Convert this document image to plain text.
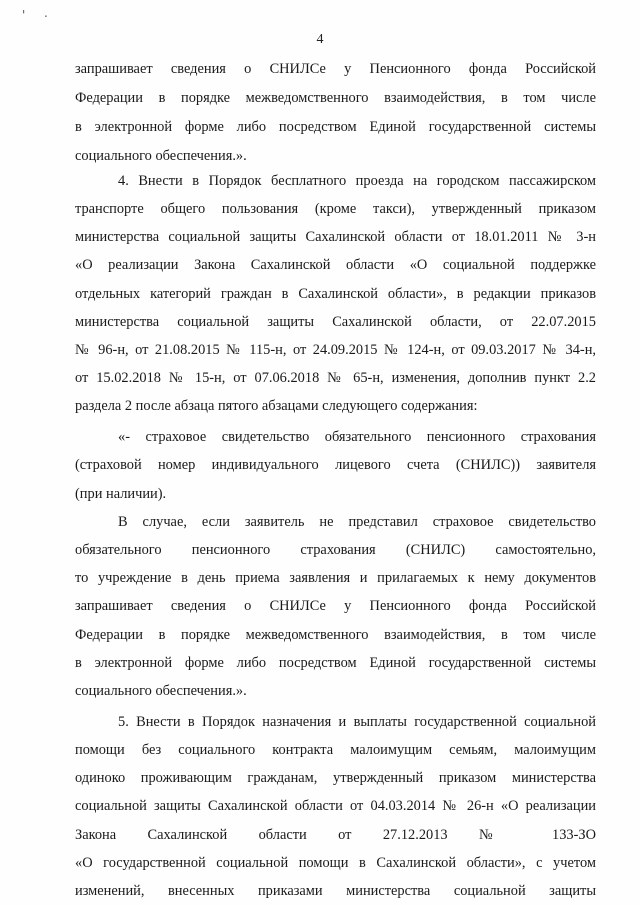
' .
4
запрашивает сведения о СНИЛСе у Пенсионного фонда Российской
Федерации в порядке межведомственного взаимодействия, в том числе
в электронной форме либо посредством Единой государственной системы
социального обеспечения.».
4. Внести в Порядок бесплатного проезда на городском пассажирском
транспорте общего пользования (кроме такси), утвержденный приказом
министерства социальной защиты Сахалинской области от 18.01.2011 № 3-н
«О реализации Закона Сахалинской области «О социальной поддержке
отдельных категорий граждан в Сахалинской области», в редакции приказов
министерства социальной защиты Сахалинской области, от 22.07.2015
№ 96-н, от 21.08.2015 № 115-н, от 24.09.2015 № 124-н, от 09.03.2017 № 34-н,
от 15.02.2018 № 15-н, от 07.06.2018 № 65-н, изменения, дополнив пункт 2.2
раздела 2 после абзаца пятого абзацами следующего содержания:
«- страховое свидетельство обязательного пенсионного страхования
(страховой номер индивидуального лицевого счета (СНИЛС)) заявителя
(при наличии).
В случае, если заявитель не представил страховое свидетельство
обязательного пенсионного страхования (СНИЛС) самостоятельно,
то учреждение в день приема заявления и прилагаемых к нему документов
запрашивает сведения о СНИЛСе у Пенсионного фонда Российской
Федерации в порядке межведомственного взаимодействия, в том числе
в электронной форме либо посредством Единой государственной системы
социального обеспечения.».
5. Внести в Порядок назначения и выплаты государственной социальной
помощи без социального контракта малоимущим семьям, малоимущим
одиноко проживающим гражданам, утвержденный приказом министерства
социальной защиты Сахалинской области от 04.03.2014 № 26-н «О реализации
Закона Сахалинской области от 27.12.2013 № 133-ЗО
«О государственной социальной помощи в Сахалинской области», с учетом
изменений, внесенных приказами министерства социальной защиты
